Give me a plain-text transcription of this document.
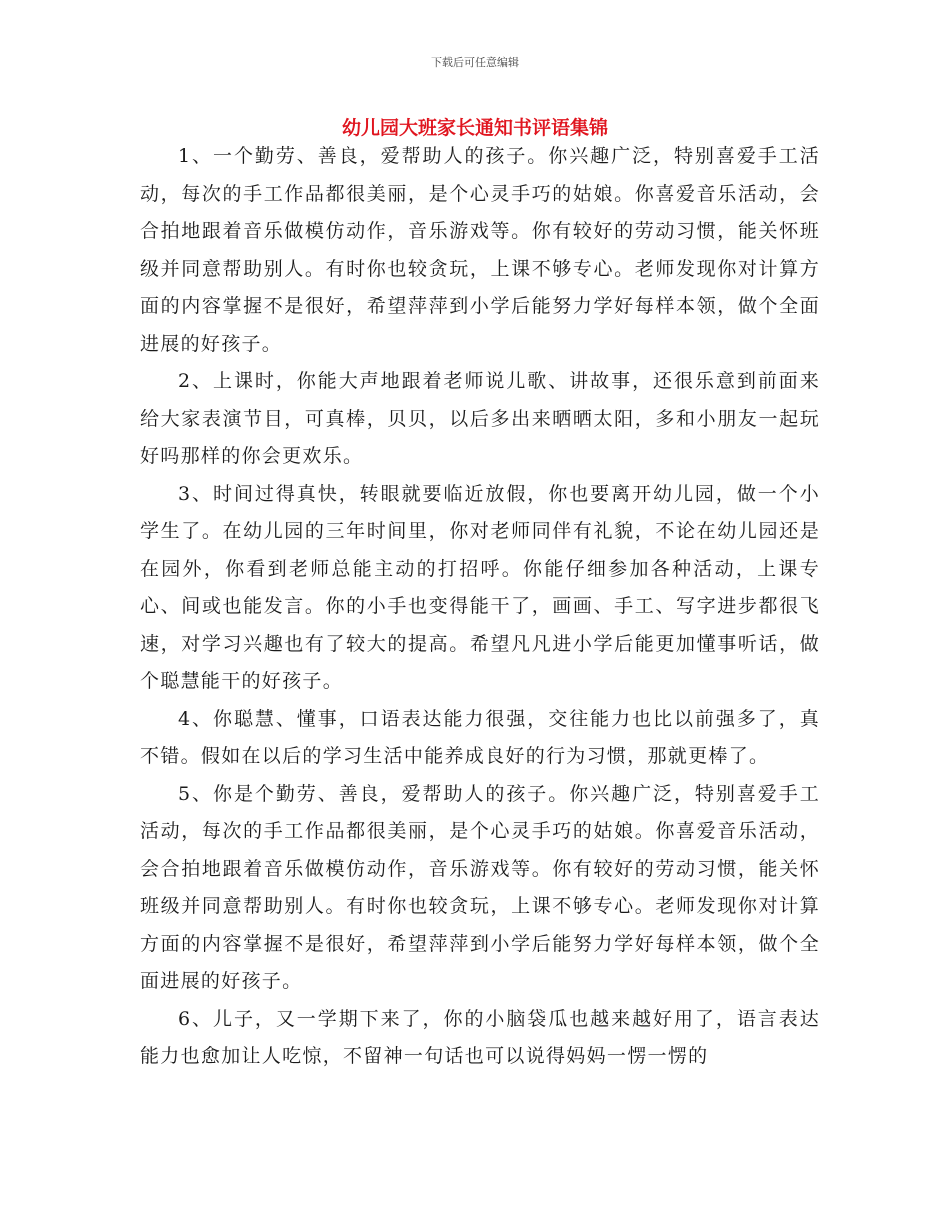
下载后可任意编辑
幼儿园大班家长通知书评语集锦

1、一个勤劳、善良，爱帮助人的孩子。你兴趣广泛，特别喜爱手工活动，每次的手工作品都很美丽，是个心灵手巧的姑娘。你喜爱音乐活动，会合拍地跟着音乐做模仿动作，音乐游戏等。你有较好的劳动习惯，能关怀班级并同意帮助别人。有时你也较贪玩，上课不够专心。老师发现你对计算方面的内容掌握不是很好，希望萍萍到小学后能努力学好每样本领，做个全面进展的好孩子。

2、上课时，你能大声地跟着老师说儿歌、讲故事，还很乐意到前面来给大家表演节目，可真棒，贝贝，以后多出来晒晒太阳，多和小朋友一起玩好吗那样的你会更欢乐。

3、时间过得真快，转眼就要临近放假，你也要离开幼儿园，做一个小学生了。在幼儿园的三年时间里，你对老师同伴有礼貌，不论在幼儿园还是在园外，你看到老师总能主动的打招呼。你能仔细参加各种活动，上课专心、间或也能发言。你的小手也变得能干了，画画、手工、写字进步都很飞速，对学习兴趣也有了较大的提高。希望凡凡进小学后能更加懂事听话，做个聪慧能干的好孩子。

4、你聪慧、懂事，口语表达能力很强，交往能力也比以前强多了，真不错。假如在以后的学习生活中能养成良好的行为习惯，那就更棒了。

5、你是个勤劳、善良，爱帮助人的孩子。你兴趣广泛，特别喜爱手工活动，每次的手工作品都很美丽，是个心灵手巧的姑娘。你喜爱音乐活动，会合拍地跟着音乐做模仿动作，音乐游戏等。你有较好的劳动习惯，能关怀班级并同意帮助别人。有时你也较贪玩，上课不够专心。老师发现你对计算方面的内容掌握不是很好，希望萍萍到小学后能努力学好每样本领，做个全面进展的好孩子。

6、儿子，又一学期下来了，你的小脑袋瓜也越来越好用了，语言表达能力也愈加让人吃惊，不留神一句话也可以说得妈妈一愣一愣的
